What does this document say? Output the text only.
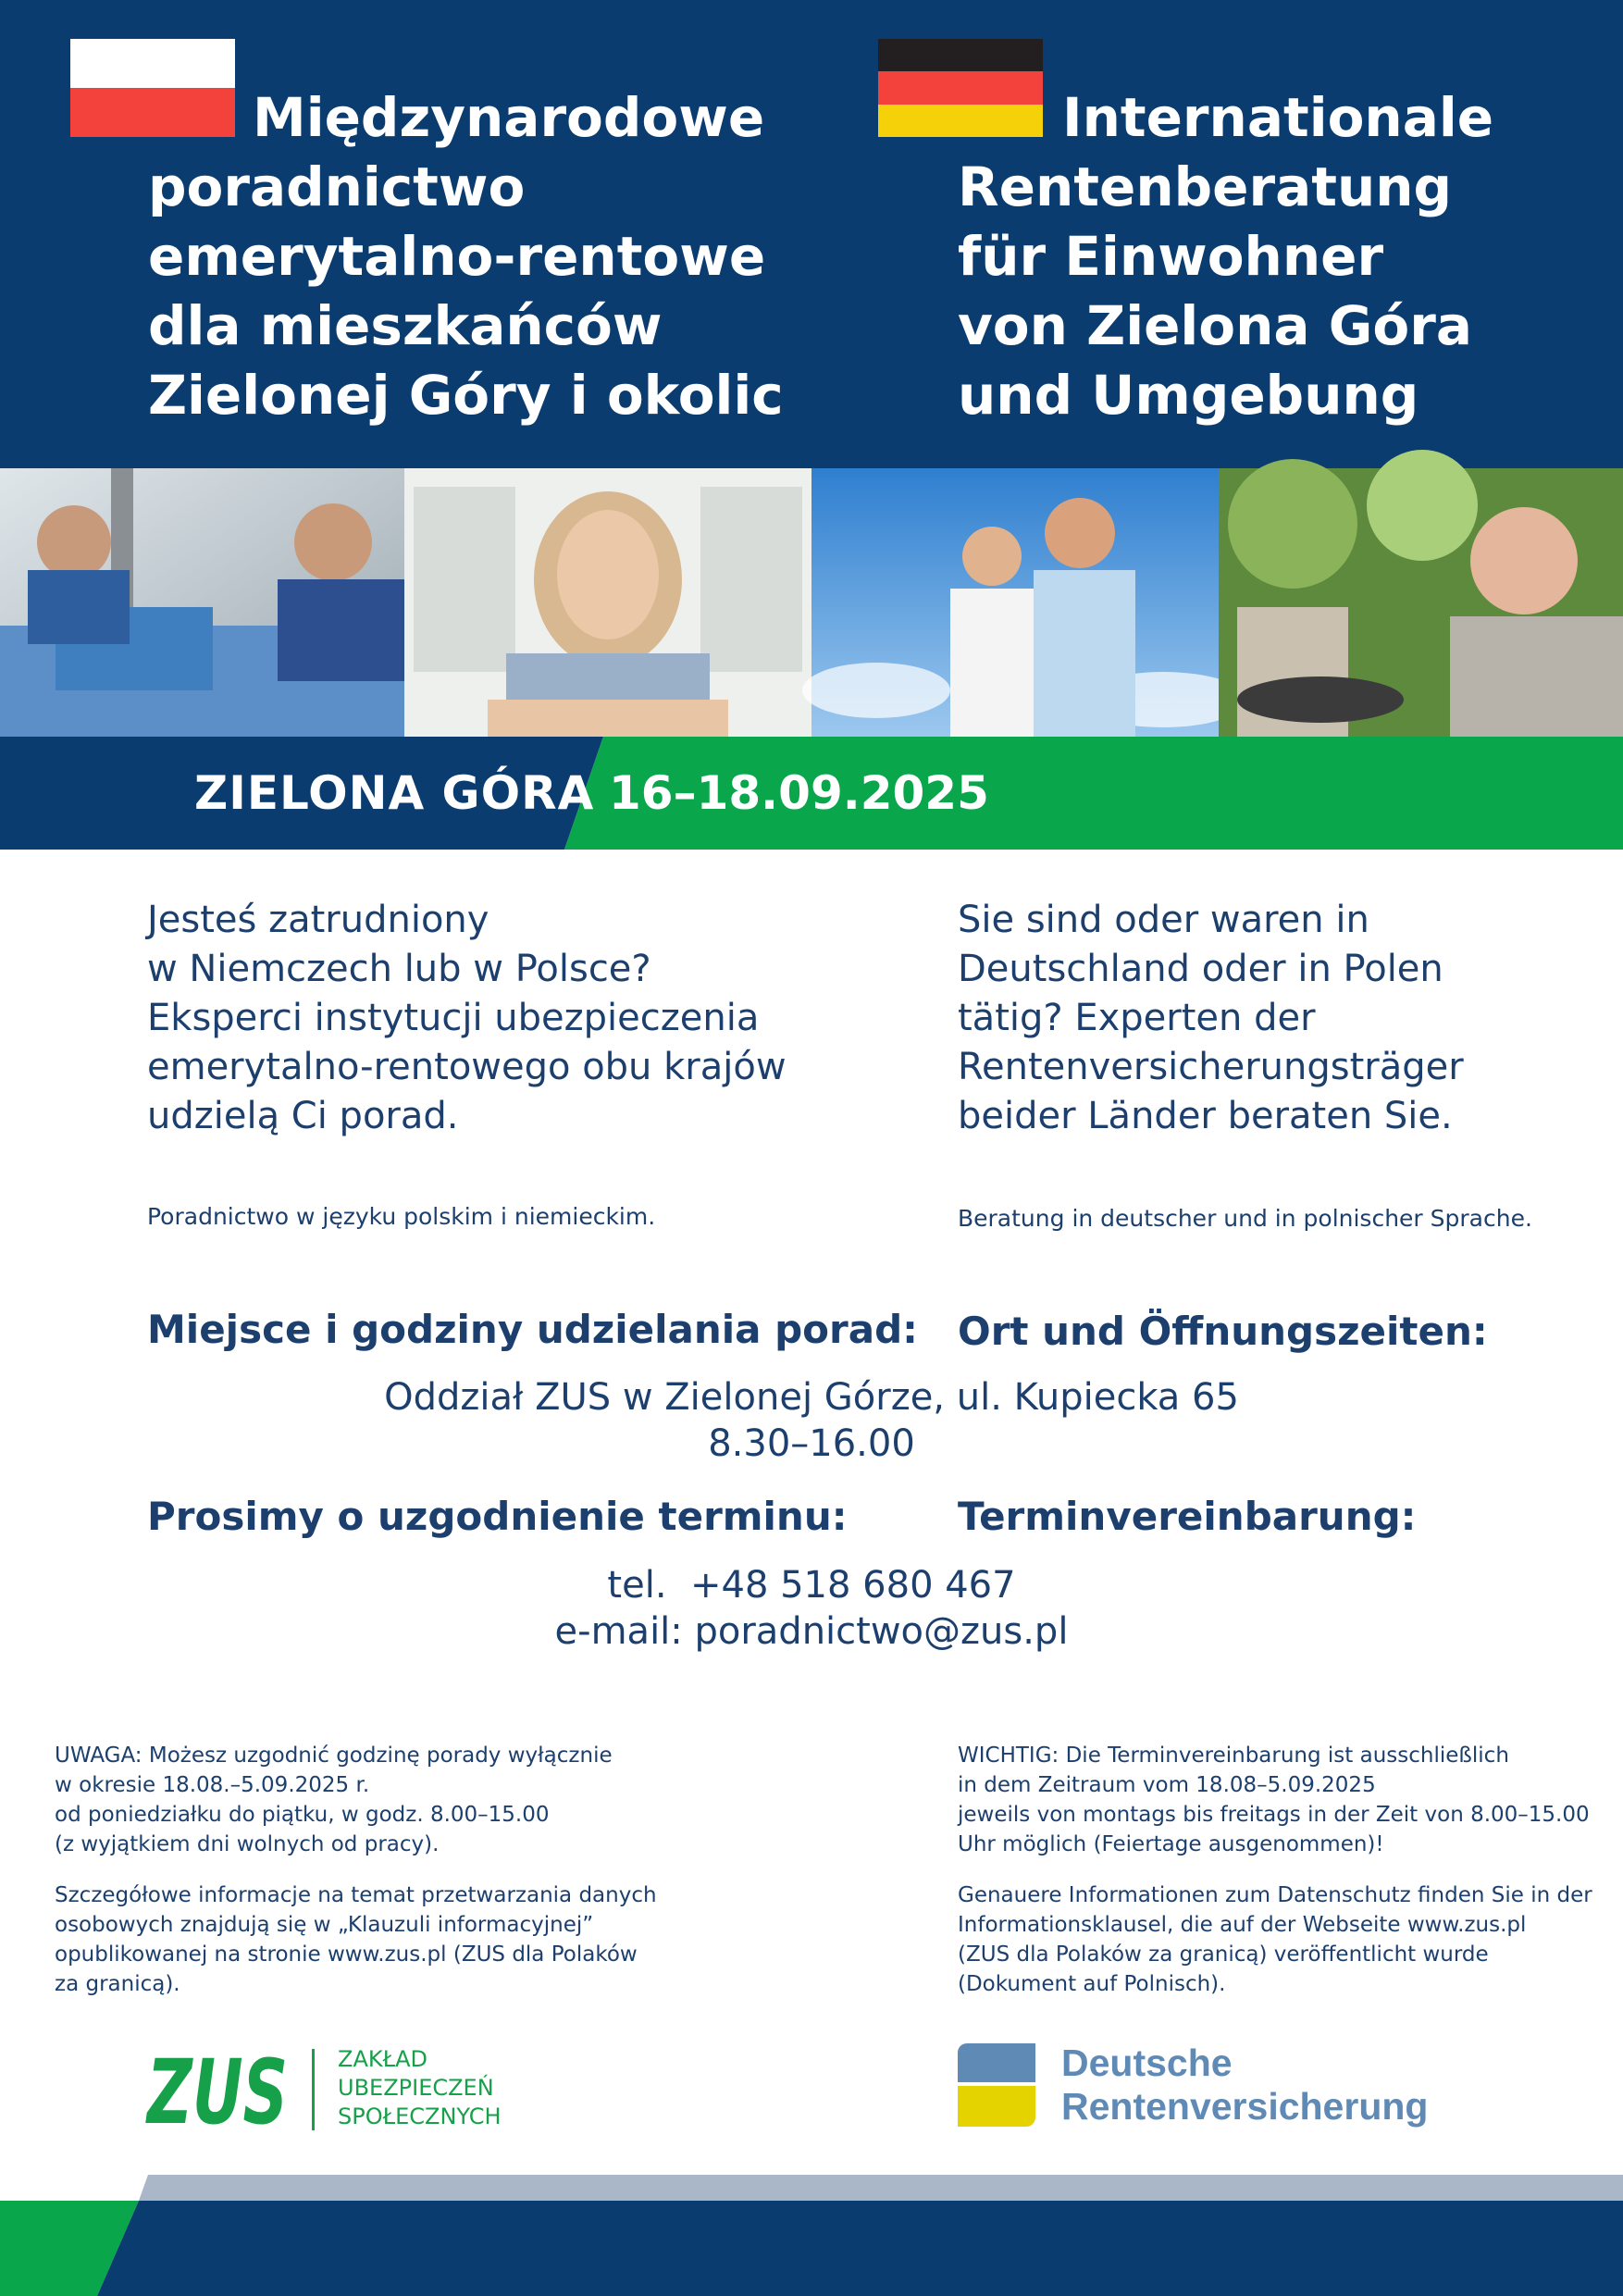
Międzynarodowe
poradnictwo
emerytalno-rentowe
dla mieszkańców
Zielonej Góry i okolic
Internationale
Rentenberatung
für Einwohner
von Zielona Góra
und Umgebung
ZIELONA GÓRA 16–18.09.2025
Jesteś zatrudniony
w Niemczech lub w Polsce?
Eksperci instytucji ubezpieczenia
emerytalno-rentowego obu krajów
udzielą Ci porad.
Sie sind oder waren in
Deutschland oder in Polen
tätig? Experten der
Rentenversicherungsträger
beider Länder beraten Sie.
Poradnictwo w języku polskim i niemieckim.	Beratung in deutscher und in polnischer Sprache.
Miejsce i godziny udzielania porad: Ort und Öffnungszeiten:
Oddział ZUS w Zielonej Górze, ul. Kupiecka 65
8.30–16.00
Prosimy o uzgodnienie terminu:	Terminvereinbarung:
tel.  +48 518 680 467
e-mail: poradnictwo@zus.pl
UWAGA: Możesz uzgodnić godzinę porady wyłącznie
w okresie 18.08.–5.09.2025 r.
od poniedziałku do piątku, w godz. 8.00–15.00
(z wyjątkiem dni wolnych od pracy).
Szczegółowe informacje na temat przetwarzania danych
osobowych znajdują się w „Klauzuli informacyjnej”
opublikowanej na stronie www.zus.pl (ZUS dla Polaków
za granicą).
WICHTIG: Die Terminvereinbarung ist ausschließlich
in dem Zeitraum vom 18.08–5.09.2025
jeweils von montags bis freitags in der Zeit von 8.00–15.00
Uhr möglich (Feiertage ausgenommen)!
Genauere Informationen zum Datenschutz finden Sie in der
Informationsklausel, die auf der Webseite www.zus.pl
(ZUS dla Polaków za granicą) veröffentlicht wurde
(Dokument auf Polnisch).
ZUS ZAKŁAD
UBEZPIECZEŃ
SPOŁECZNYCH
Deutsche
Rentenversicherung
